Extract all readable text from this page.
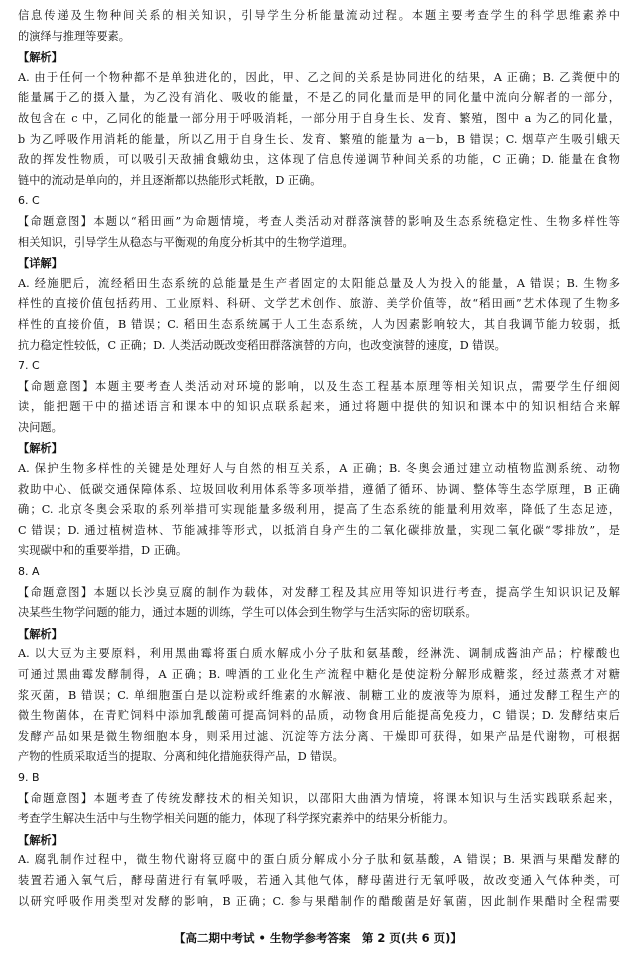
信息传递及生物种间关系的相关知识，引导学生分析能量流动过程。本题主要考查学生的科学思维素养中
的演绎与推理等要素。
【解析】
A. 由于任何一个物种都不是单独进化的，因此，甲、乙之间的关系是协同进化的结果，A 正确；B. 乙粪便中的
能量属于乙的摄入量，为乙没有消化、吸收的能量，不是乙的同化量而是甲的同化量中流向分解者的一部分，
故包含在 c 中，乙同化的能量一部分用于呼吸消耗，一部分用于自身生长、发育、繁殖，图中 a 为乙的同化量，
b 为乙呼吸作用消耗的能量，所以乙用于自身生长、发育、繁殖的能量为 a－b，B 错误；C. 烟草产生吸引蛾天
敌的挥发性物质，可以吸引天敌捕食蛾幼虫，这体现了信息传递调节种间关系的功能，C 正确；D. 能量在食物
链中的流动是单向的，并且逐渐都以热能形式耗散，D 正确。
6. C
【命题意图】本题以“稻田画”为命题情境，考查人类活动对群落演替的影响及生态系统稳定性、生物多样性等
相关知识，引导学生从稳态与平衡观的角度分析其中的生物学道理。
【详解】
A. 经施肥后，流经稻田生态系统的总能量是生产者固定的太阳能总量及人为投入的能量，A 错误；B. 生物多
样性的直接价值包括药用、工业原料、科研、文学艺术创作、旅游、美学价值等，故“稻田画”艺术体现了生物多
样性的直接价值，B 错误；C. 稻田生态系统属于人工生态系统，人为因素影响较大，其自我调节能力较弱，抵
抗力稳定性较低，C 正确；D. 人类活动既改变稻田群落演替的方向，也改变演替的速度，D 错误。
7. C
【命题意图】本题主要考查人类活动对环境的影响，以及生态工程基本原理等相关知识点，需要学生仔细阅
读，能把题干中的描述语言和课本中的知识点联系起来，通过将题中提供的知识和课本中的知识相结合来解
决问题。
【解析】
A. 保护生物多样性的关键是处理好人与自然的相互关系，A 正确；B. 冬奥会通过建立动植物监测系统、动物
救助中心、低碳交通保障体系、垃圾回收利用体系等多项举措，遵循了循环、协调、整体等生态学原理，B 正确
确；C. 北京冬奥会采取的系列举措可实现能量多级利用，提高了生态系统的能量利用效率，降低了生态足迹，
C 错误；D. 通过植树造林、节能减排等形式，以抵消自身产生的二氧化碳排放量，实现二氧化碳“零排放”，是
实现碳中和的重要举措，D 正确。
8. A
【命题意图】本题以长沙臭豆腐的制作为载体，对发酵工程及其应用等知识进行考查，提高学生知识识记及解
决某些生物学问题的能力，通过本题的训练，学生可以体会到生物学与生活实际的密切联系。
【解析】
A. 以大豆为主要原料，利用黑曲霉将蛋白质水解成小分子肽和氨基酸，经淋洗、调制成酱油产品；柠檬酸也
可通过黑曲霉发酵制得，A 正确；B. 啤酒的工业化生产流程中糖化是使淀粉分解形成糖浆，经过蒸煮才对糖
浆灭菌，B 错误；C. 单细胞蛋白是以淀粉或纤维素的水解液、制糖工业的废液等为原料，通过发酵工程生产的
微生物菌体，在青贮饲料中添加乳酸菌可提高饲料的品质，动物食用后能提高免疫力，C 错误；D. 发酵结束后
发酵产品如果是微生物细胞本身，则采用过滤、沉淀等方法分离、干燥即可获得，如果产品是代谢物，可根据
产物的性质采取适当的提取、分离和纯化措施获得产品，D 错误。
9. B
【命题意图】本题考查了传统发酵技术的相关知识，以邵阳大曲酒为情境，将课本知识与生活实践联系起来，
考查学生解决生活中与生物学相关问题的能力，体现了科学探究素养中的结果分析能力。
【解析】
A. 腐乳制作过程中，微生物代谢将豆腐中的蛋白质分解成小分子肽和氨基酸，A 错误；B. 果酒与果醋发酵的
装置若通入氧气后，酵母菌进行有氧呼吸，若通入其他气体，酵母菌进行无氧呼吸，故改变通入气体种类，可
以研究呼吸作用类型对发酵的影响，B 正确；C. 参与果醋制作的醋酸菌是好氧菌，因此制作果醋时全程需要
【高二期中考试 • 生物学参考答案　第 2 页(共 6 页)】
